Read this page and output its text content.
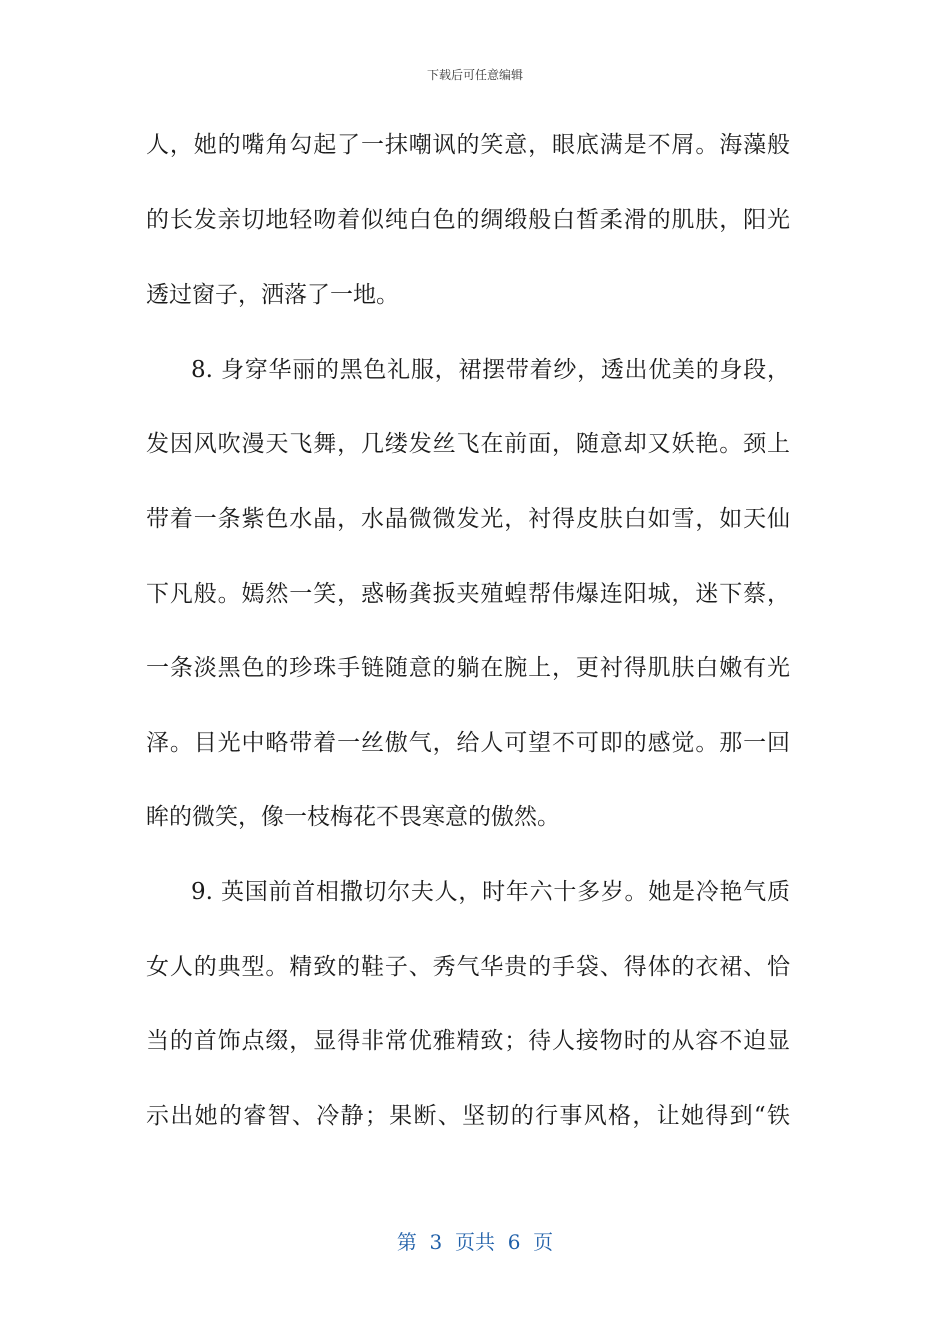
下载后可任意编辑
人，她的嘴角勾起了一抹嘲讽的笑意，眼底满是不屑。海藻般
的长发亲切地轻吻着似纯白色的绸缎般白皙柔滑的肌肤，阳光
透过窗子，洒落了一地。
8. 身穿华丽的黑色礼服，裙摆带着纱，透出优美的身段，
发因风吹漫天飞舞，几缕发丝飞在前面，随意却又妖艳。颈上
带着一条紫色水晶，水晶微微发光，衬得皮肤白如雪，如天仙
下凡般。嫣然一笑，惑畅龚扳夹殖蝗帮伟爆连阳城，迷下蔡，
一条淡黑色的珍珠手链随意的躺在腕上，更衬得肌肤白嫩有光
泽。目光中略带着一丝傲气，给人可望不可即的感觉。那一回
眸的微笑，像一枝梅花不畏寒意的傲然。
9. 英国前首相撒切尔夫人，时年六十多岁。她是冷艳气质
女人的典型。精致的鞋子、秀气华贵的手袋、得体的衣裙、恰
当的首饰点缀，显得非常优雅精致；待人接物时的从容不迫显
示出她的睿智、冷静；果断、坚韧的行事风格，让她得到“铁
第  3  页共  6  页
